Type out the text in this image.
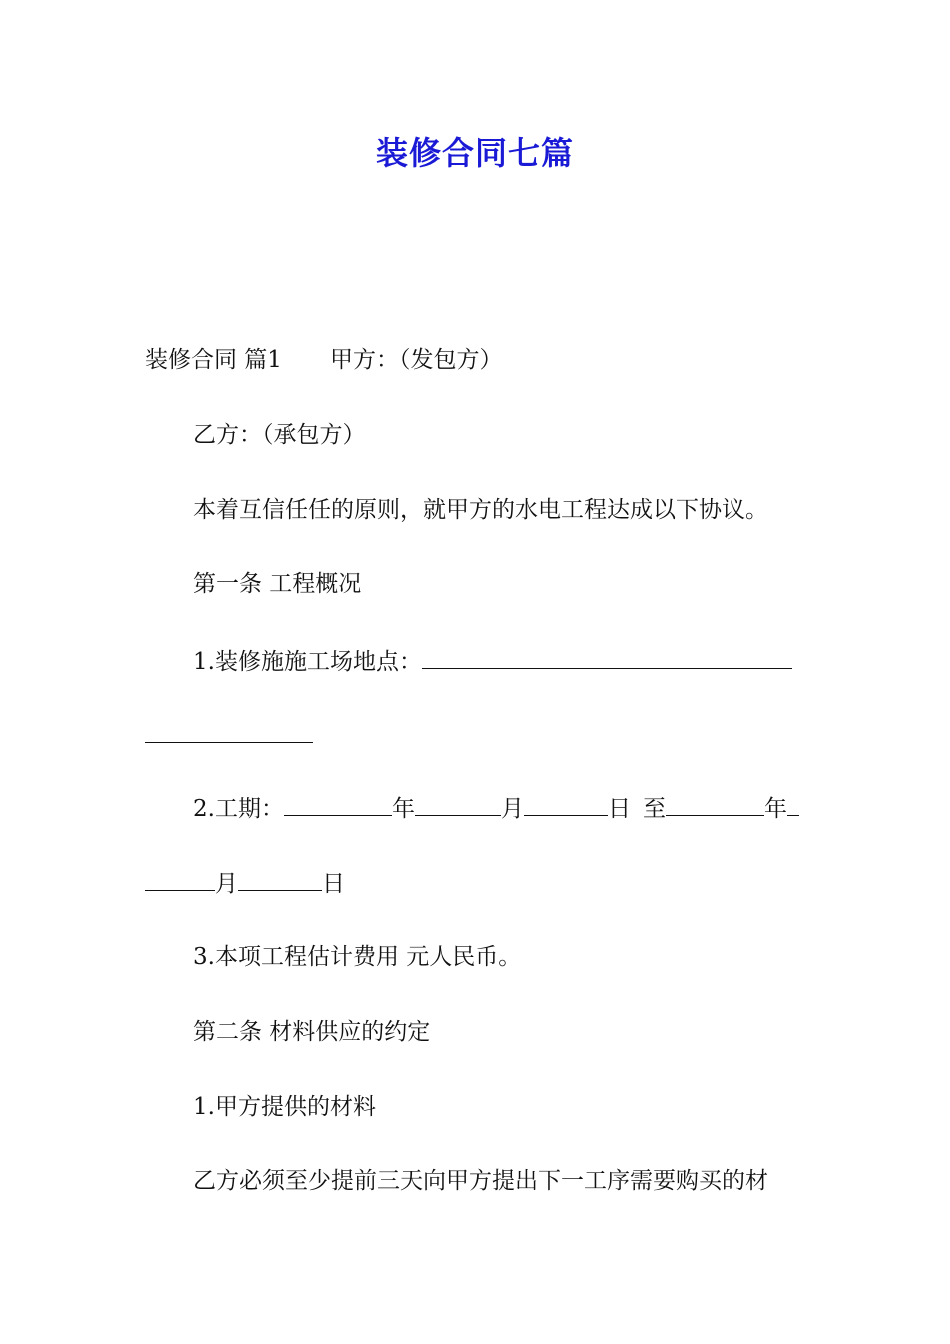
装修合同七篇
装修合同 篇1 甲方：（发包方）
乙方：（承包方）
本着互信任任的原则，就甲方的水电工程达成以下协议。
第一条 工程概况
1.装修施施工场地点：
2.工期：	年	月	日 至	年
月	日
3.本项工程估计费用 元人民币。
第二条 材料供应的约定
1.甲方提供的材料
乙方必须至少提前三天向甲方提出下一工序需要购买的材
